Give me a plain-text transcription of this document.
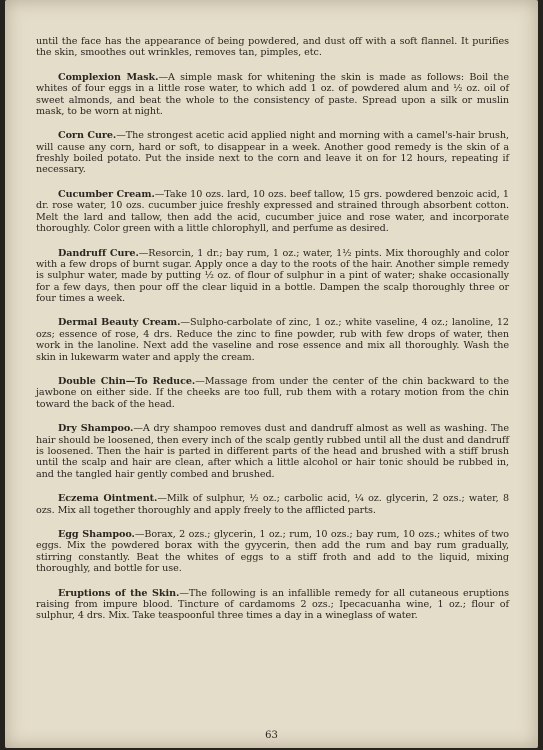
until the face has the appearance of being powdered, and dust off with a soft flannel. It purifies the skin, smoothes out wrinkles, removes tan, pimples, etc.

Complexion Mask.—A simple mask for whitening the skin is made as follows: Boil the whites of four eggs in a little rose water, to which add 1 oz. of powdered alum and ½ oz. oil of sweet almonds, and beat the whole to the consistency of paste. Spread upon a silk or muslin mask, to be worn at night.

Corn Cure.—The strongest acetic acid applied night and morning with a camel's-hair brush, will cause any corn, hard or soft, to disappear in a week. Another good remedy is the skin of a freshly boiled potato. Put the inside next to the corn and leave it on for 12 hours, repeating if necessary.

Cucumber Cream.—Take 10 ozs. lard, 10 ozs. beef tallow, 15 grs. powdered benzoic acid, 1 dr. rose water, 10 ozs. cucumber juice freshly expressed and strained through absorbent cotton. Melt the lard and tallow, then add the acid, cucumber juice and rose water, and incorporate thoroughly. Color green with a little chlorophyll, and perfume as desired.

Dandruff Cure.—Resorcin, 1 dr.; bay rum, 1 oz.; water, 1½ pints. Mix thoroughly and color with a few drops of burnt sugar. Apply once a day to the roots of the hair. Another simple remedy is sulphur water, made by putting ½ oz. of flour of sulphur in a pint of water; shake occasionally for a few days, then pour off the clear liquid in a bottle. Dampen the scalp thoroughly three or four times a week.

Dermal Beauty Cream.—Sulpho-carbolate of zinc, 1 oz.; white vaseline, 4 oz.; lanoline, 12 ozs; essence of rose, 4 drs. Reduce the zinc to fine powder, rub with few drops of water, then work in the lanoline. Next add the vaseline and rose essence and mix all thoroughly. Wash the skin in lukewarm water and apply the cream.

Double Chin—To Reduce.—Massage from under the center of the chin backward to the jawbone on either side. If the cheeks are too full, rub them with a rotary motion from the chin toward the back of the head.

Dry Shampoo.—A dry shampoo removes dust and dandruff almost as well as washing. The hair should be loosened, then every inch of the scalp gently rubbed until all the dust and dandruff is loosened. Then the hair is parted in different parts of the head and brushed with a stiff brush until the scalp and hair are clean, after which a little alcohol or hair tonic should be rubbed in, and the tangled hair gently combed and brushed.

Eczema Ointment.—Milk of sulphur, ½ oz.; carbolic acid, ¼ oz. glycerin, 2 ozs.; water, 8 ozs. Mix all together thoroughly and apply freely to the afflicted parts.

Egg Shampoo.—Borax, 2 ozs.; glycerin, 1 oz.; rum, 10 ozs.; bay rum, 10 ozs.; whites of two eggs. Mix the powdered borax with the gyycerin, then add the rum and bay rum gradually, stirring constantly. Beat the whites of eggs to a stiff froth and add to the liquid, mixing thoroughly, and bottle for use.

Eruptions of the Skin.—The following is an infallible remedy for all cutaneous eruptions raising from impure blood. Tincture of cardamoms 2 ozs.; Ipecacuanha wine, 1 oz.; flour of sulphur, 4 drs. Mix. Take teaspoonful three times a day in a wineglass of water.

63
